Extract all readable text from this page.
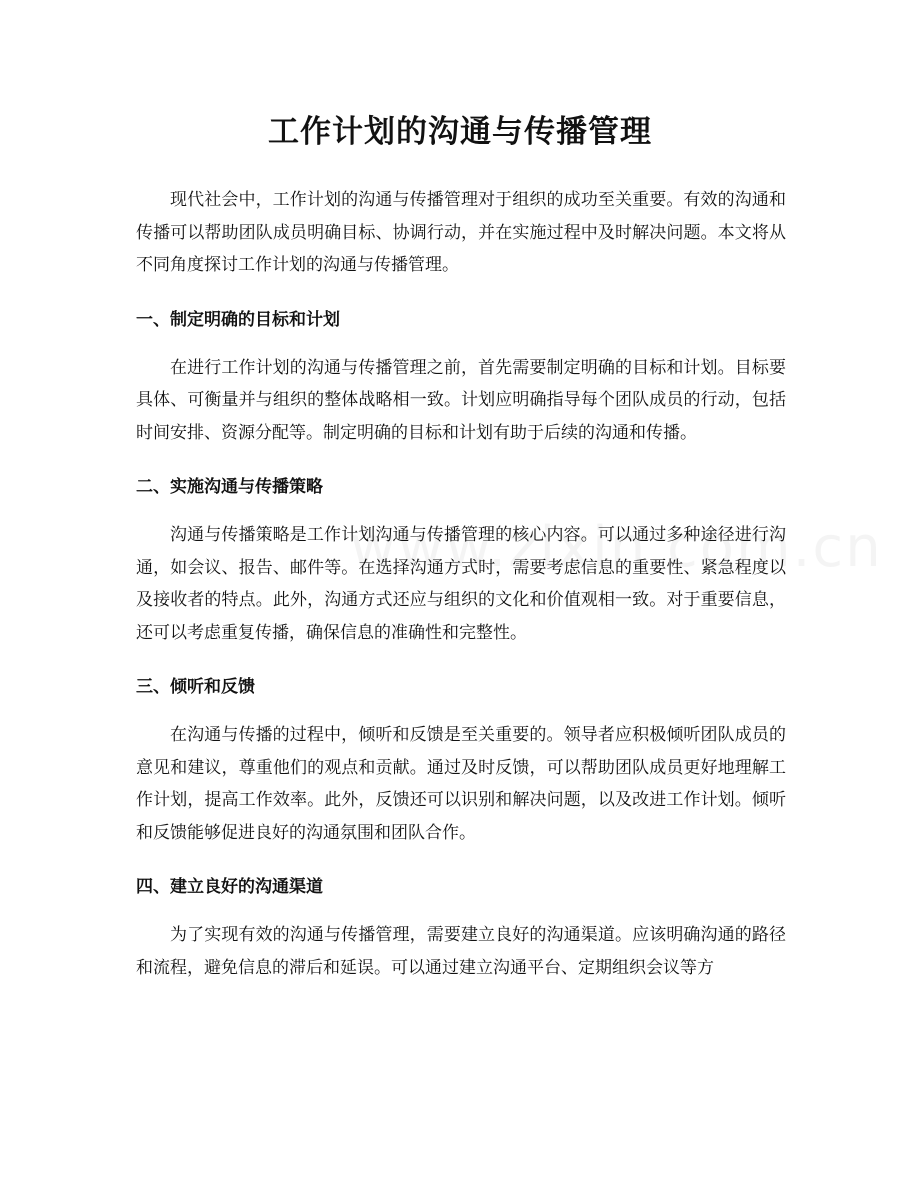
工作计划的沟通与传播管理

现代社会中，工作计划的沟通与传播管理对于组织的成功至关重要。有效的沟通和传播可以帮助团队成员明确目标、协调行动，并在实施过程中及时解决问题。本文将从不同角度探讨工作计划的沟通与传播管理。

一、制定明确的目标和计划

在进行工作计划的沟通与传播管理之前，首先需要制定明确的目标和计划。目标要具体、可衡量并与组织的整体战略相一致。计划应明确指导每个团队成员的行动，包括时间安排、资源分配等。制定明确的目标和计划有助于后续的沟通和传播。

二、实施沟通与传播策略

沟通与传播策略是工作计划沟通与传播管理的核心内容。可以通过多种途径进行沟通，如会议、报告、邮件等。在选择沟通方式时，需要考虑信息的重要性、紧急程度以及接收者的特点。此外，沟通方式还应与组织的文化和价值观相一致。对于重要信息，还可以考虑重复传播，确保信息的准确性和完整性。

三、倾听和反馈

在沟通与传播的过程中，倾听和反馈是至关重要的。领导者应积极倾听团队成员的意见和建议，尊重他们的观点和贡献。通过及时反馈，可以帮助团队成员更好地理解工作计划，提高工作效率。此外，反馈还可以识别和解决问题，以及改进工作计划。倾听和反馈能够促进良好的沟通氛围和团队合作。

四、建立良好的沟通渠道

为了实现有效的沟通与传播管理，需要建立良好的沟通渠道。应该明确沟通的路径和流程，避免信息的滞后和延误。可以通过建立沟通平台、定期组织会议等方
